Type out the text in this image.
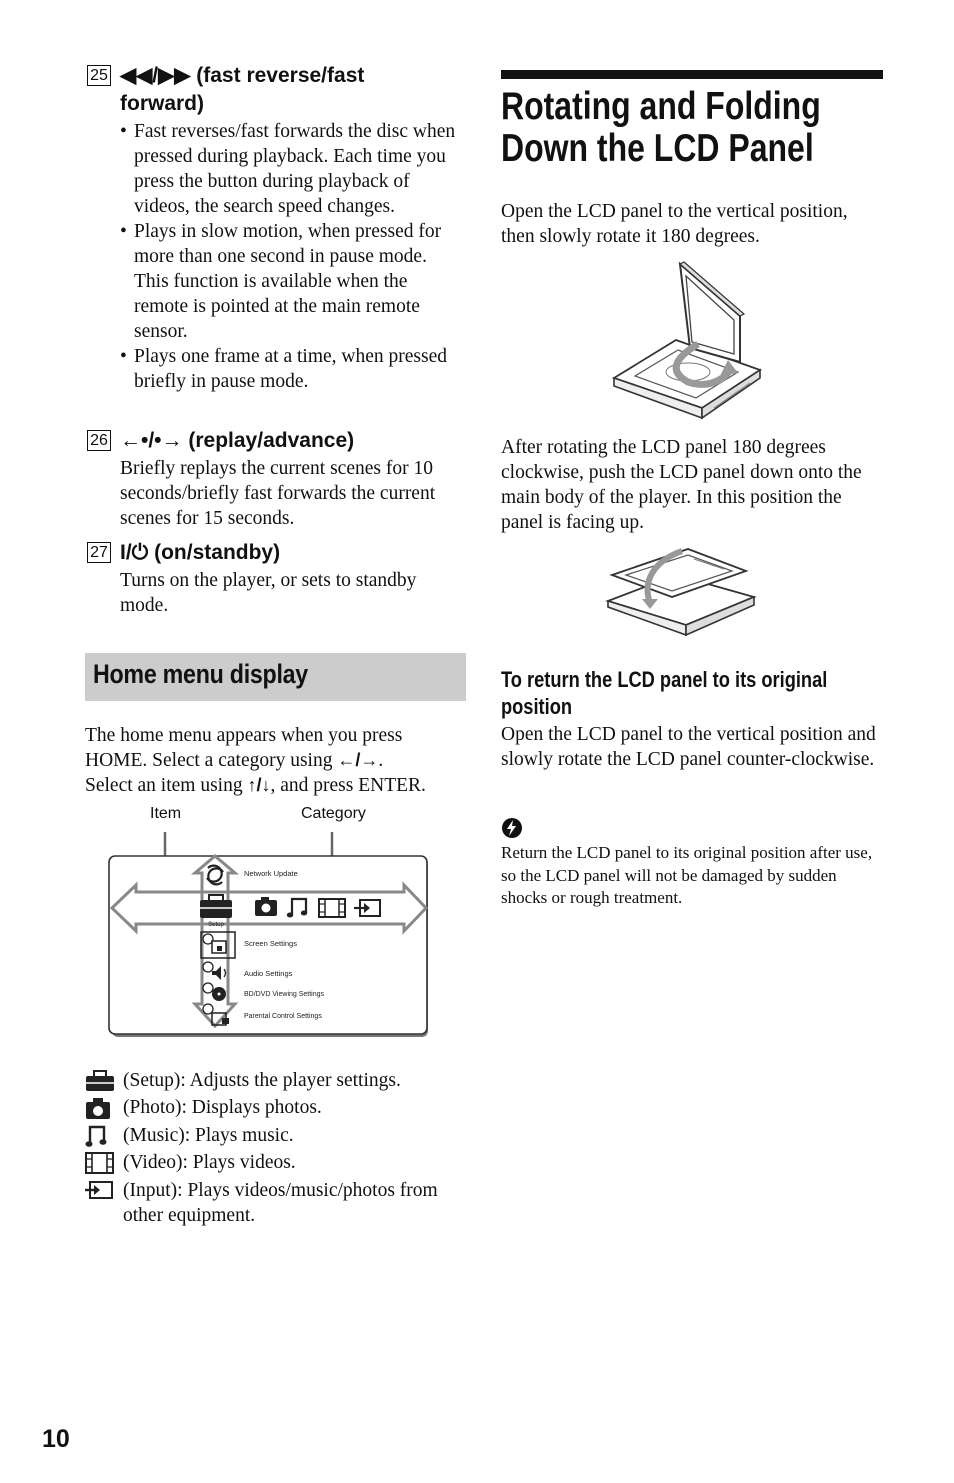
25 ◀◀/▶▶ (fast reverse/fast
forward)
• Fast reverses/fast forwards the disc when pressed during playback. Each time you press the button during playback of videos, the search speed changes.
• Plays in slow motion, when pressed for more than one second in pause mode. This function is available when the remote is pointed at the main remote sensor.
• Plays one frame at a time, when pressed briefly in pause mode.
26 ←•/•→ (replay/advance)
Briefly replays the current scenes for 10 seconds/briefly fast forwards the current scenes for 15 seconds.
27 I/⏻ (on/standby)
Turns on the player, or sets to standby mode.
Home menu display
The home menu appears when you press
HOME. Select a category using ←/→.
Select an item using ↑/↓, and press ENTER.
Item	Category
Network Update
Setup
Screen Settings
Audio Settings
BD/DVD Viewing Settings
Parental Control Settings
(Setup): Adjusts the player settings.
(Photo): Displays photos.
(Music): Plays music.
(Video): Plays videos.
(Input): Plays videos/music/photos from other equipment.
Rotating and Folding
Down the LCD Panel
Open the LCD panel to the vertical position, then slowly rotate it 180 degrees.
After rotating the LCD panel 180 degrees clockwise, push the LCD panel down onto the main body of the player. In this position the panel is facing up.
To return the LCD panel to its original position
Open the LCD panel to the vertical position and slowly rotate the LCD panel counter-clockwise.
Return the LCD panel to its original position after use, so the LCD panel will not be damaged by sudden shocks or rough treatment.
10
